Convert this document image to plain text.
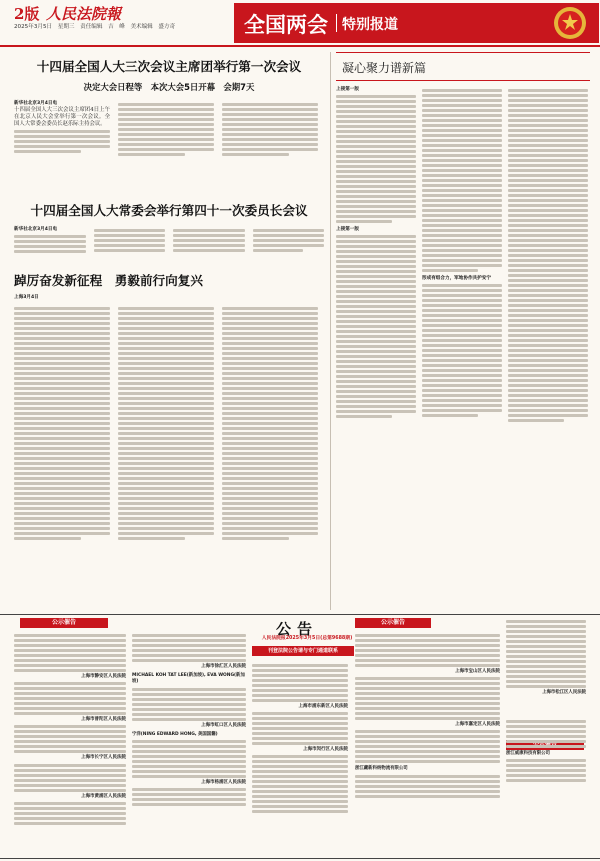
2版 人民法院報
2025年3月5日　星期三　责任编辑　吉　峰　美术编辑　盛方奇	全国两会 特别报道
十四届全国人大三次会议主席团举行第一次会议
决定大会日程等　本次大会5日开幕　会期7天
新华社北京3月4日电
十四届全国人大三次会议主席团4日上午在北京人民大会堂举行第一次会议。全国人大常委会委员长赵乐际主持会议。
十四届全国人大常委会举行第四十一次委员长会议
新华社北京3月4日电
踔厉奋发新征程　勇毅前行向复兴
上海3月4日
凝心聚力谱新篇
上接第一版
上接第一版
形成有组合力，军地协作共护安宁
公告
公示催告
刊登法院公告请与专门通道联系
公示催告
人民法院报2025年3月5日(总第9688期)
上海市静安区人民法院
上海市普陀区人民法院
上海市长宁区人民法院
上海市黄浦区人民法院
上海市徐汇区人民法院
MICHAEL KOH TAT LEE(新加坡), EVA WONG(新加坡)
上海市虹口区人民法院
宁洋(NING EDWARD HONG, 美国国籍)
上海市杨浦区人民法院
上海市浦东新区人民法院
上海市闵行区人民法院
上海市宝山区人民法院
上海市嘉定区人民法院
浙江藏新科纳物流有限公司
上海市松江区人民法院
浙江威康科技有限公司
